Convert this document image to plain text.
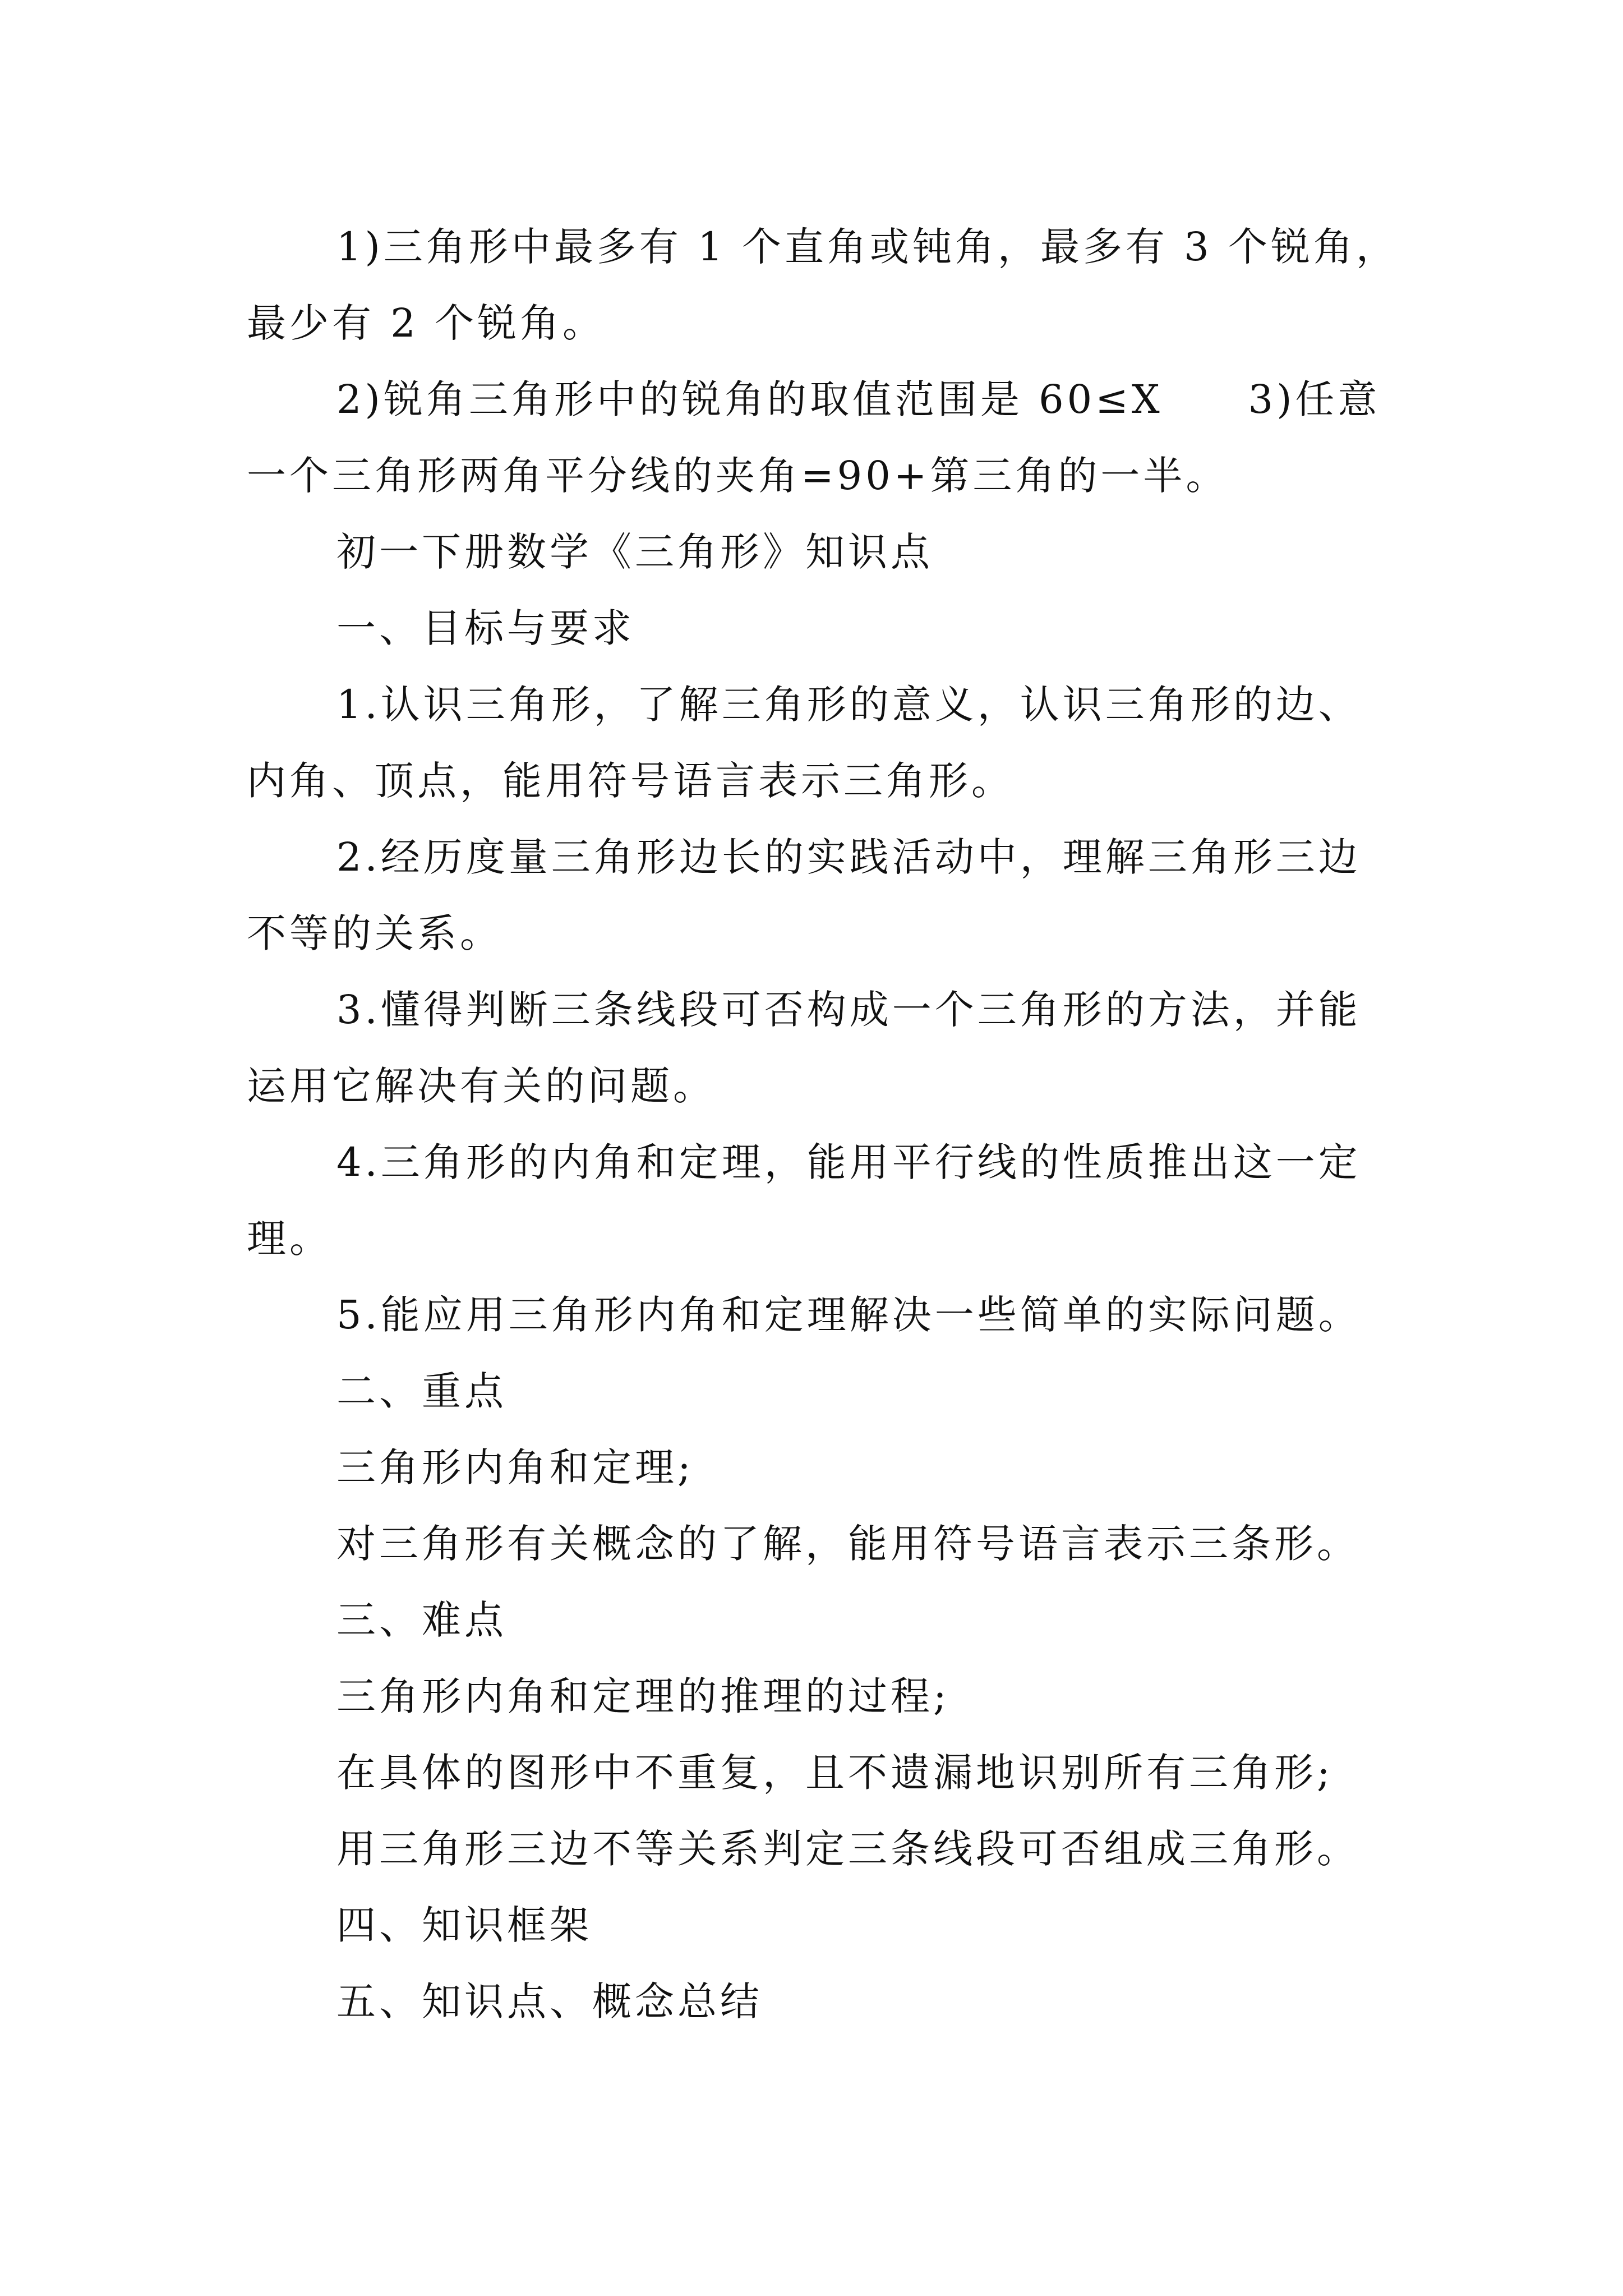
1)三角形中最多有 1 个直角或钝角，最多有 3 个锐角，最少有 2 个锐角。

2)锐角三角形中的锐角的取值范围是 60≤X　　3)任意一个三角形两角平分线的夹角=90+第三角的一半。

初一下册数学《三角形》知识点

一、目标与要求

1.认识三角形，了解三角形的意义，认识三角形的边、内角、顶点，能用符号语言表示三角形。

2.经历度量三角形边长的实践活动中，理解三角形三边不等的关系。

3.懂得判断三条线段可否构成一个三角形的方法，并能运用它解决有关的问题。

4.三角形的内角和定理，能用平行线的性质推出这一定理。

5.能应用三角形内角和定理解决一些简单的实际问题。

二、重点

三角形内角和定理;

对三角形有关概念的了解，能用符号语言表示三条形。

三、难点

三角形内角和定理的推理的过程;

在具体的图形中不重复，且不遗漏地识别所有三角形;

用三角形三边不等关系判定三条线段可否组成三角形。

四、知识框架

五、知识点、概念总结
